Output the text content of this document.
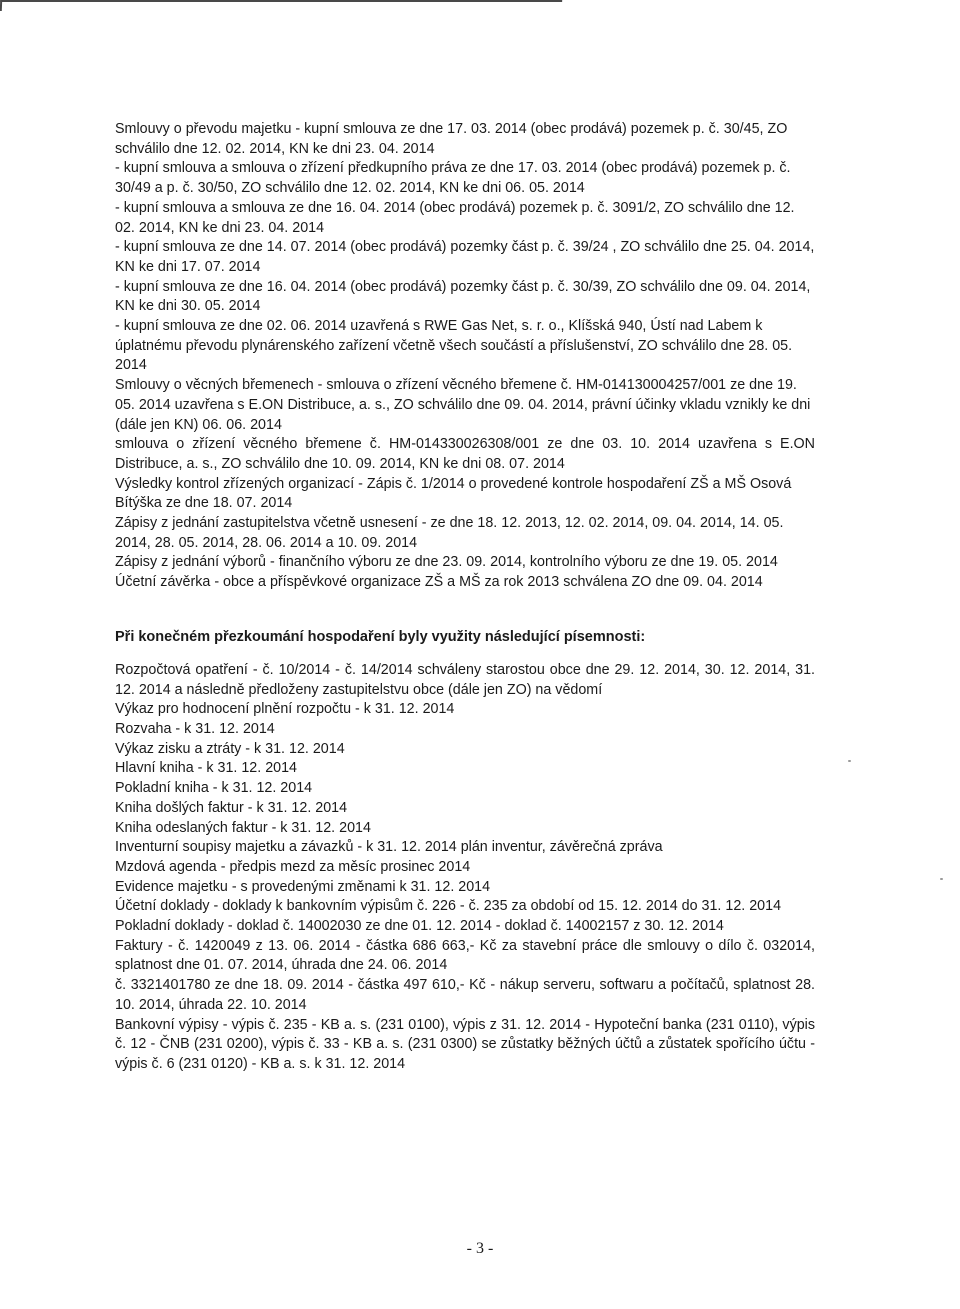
Smlouvy o převodu majetku - kupní smlouva ze dne 17. 03. 2014 (obec prodává) pozemek p. č. 30/45, ZO schválilo dne 12. 02. 2014, KN ke dni 23. 04. 2014

- kupní smlouva a smlouva o zřízení předkupního práva ze dne 17. 03. 2014 (obec prodává) pozemek p. č. 30/49 a p. č. 30/50, ZO schválilo dne 12. 02. 2014, KN ke dni 06. 05. 2014

- kupní smlouva a smlouva ze dne 16. 04. 2014 (obec prodává) pozemek p. č. 3091/2, ZO schválilo dne 12. 02. 2014, KN ke dni 23. 04. 2014

- kupní smlouva ze dne 14. 07. 2014 (obec prodává) pozemky část p. č. 39/24 , ZO schválilo dne 25. 04. 2014, KN ke dni 17. 07. 2014

- kupní smlouva ze dne 16. 04. 2014 (obec prodává) pozemky část p. č. 30/39, ZO schválilo dne 09. 04. 2014, KN ke dni 30. 05. 2014

- kupní smlouva ze dne 02. 06. 2014 uzavřená s RWE Gas Net, s. r. o., Klíšská 940, Ústí nad Labem k úplatnému převodu plynárenského zařízení včetně všech součástí a příslušenství, ZO schválilo dne 28. 05. 2014

Smlouvy o věcných břemenech - smlouva o zřízení věcného břemene č. HM-014130004257/001 ze dne 19. 05. 2014 uzavřena s E.ON Distribuce, a. s., ZO schválilo dne 09. 04. 2014, právní účinky vkladu vznikly ke dni (dále jen KN) 06. 06. 2014

smlouva o zřízení věcného břemene č. HM-014330026308/001 ze dne 03. 10. 2014 uzavřena s E.ON Distribuce, a. s., ZO schválilo dne 10. 09. 2014, KN ke dni 08. 07. 2014

Výsledky kontrol zřízených organizací - Zápis č. 1/2014 o provedené kontrole hospodaření ZŠ a MŠ Osová Bítýška ze dne 18. 07. 2014

Zápisy z jednání zastupitelstva včetně usnesení - ze dne 18. 12. 2013, 12. 02. 2014, 09. 04. 2014, 14. 05. 2014, 28. 05. 2014, 28. 06. 2014 a 10. 09. 2014

Zápisy z jednání výborů - finančního výboru ze dne 23. 09. 2014, kontrolního výboru ze dne 19. 05. 2014

Účetní závěrka - obce a příspěvkové organizace ZŠ a MŠ za rok 2013 schválena ZO dne 09. 04. 2014

Při konečném přezkoumání hospodaření byly využity následující písemnosti:

Rozpočtová opatření - č. 10/2014 - č. 14/2014 schváleny starostou obce dne 29. 12. 2014, 30. 12. 2014, 31. 12. 2014 a následně předloženy zastupitelstvu obce (dále jen ZO) na vědomí

Výkaz pro hodnocení plnění rozpočtu - k 31. 12. 2014

Rozvaha - k 31. 12. 2014

Výkaz zisku a ztráty - k 31. 12. 2014

Hlavní kniha - k 31. 12. 2014

Pokladní kniha - k 31. 12. 2014

Kniha došlých faktur - k 31. 12. 2014

Kniha odeslaných faktur - k 31. 12. 2014

Inventurní soupisy majetku a závazků - k 31. 12. 2014 plán inventur, závěrečná zpráva

Mzdová agenda - předpis mezd za měsíc prosinec 2014

Evidence majetku - s provedenými změnami k 31. 12. 2014

Účetní doklady - doklady k bankovním výpisům č. 226 - č. 235 za období od 15. 12. 2014 do 31. 12. 2014

Pokladní doklady - doklad č. 14002030 ze dne 01. 12. 2014 - doklad č. 14002157 z 30. 12. 2014

Faktury - č. 1420049 z 13. 06. 2014 - částka 686 663,- Kč za stavební práce dle smlouvy o dílo č. 032014, splatnost dne 01. 07. 2014, úhrada dne 24. 06. 2014

č. 3321401780 ze dne 18. 09. 2014 - částka 497 610,- Kč - nákup serveru, softwaru a počítačů, splatnost 28. 10. 2014, úhrada 22. 10. 2014

Bankovní výpisy - výpis č. 235 - KB a. s. (231 0100), výpis z 31. 12. 2014 - Hypoteční banka (231 0110), výpis č. 12 - ČNB (231 0200), výpis č. 33 - KB a. s. (231 0300) se zůstatky běžných účtů a zůstatek spořícího účtu - výpis č. 6 (231 0120) - KB a. s. k 31. 12. 2014

- 3 -
